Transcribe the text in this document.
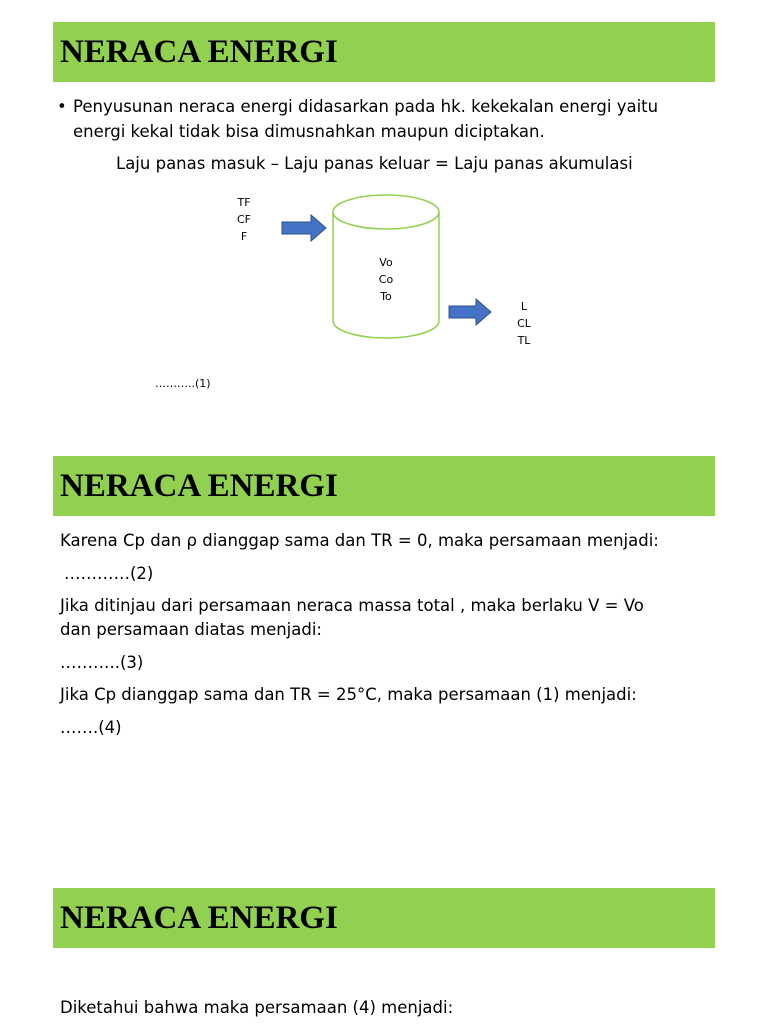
NERACA ENERGI
• Penyusunan neraca energi didasarkan pada hk. kekekalan energi yaitu
energi kekal tidak bisa dimusnahkan maupun diciptakan.
Laju panas masuk – Laju panas keluar = Laju panas akumulasi
TF
CF
F
Vo
Co
To
L
CL
TL
………..(1)
NERACA ENERGI
Karena Cp dan ρ dianggap sama dan TR = 0, maka persamaan menjadi:
…………(2)
Jika ditinjau dari persamaan neraca massa total , maka berlaku V = Vo
dan persamaan diatas menjadi:
………..(3)
Jika Cp dianggap sama dan TR = 25°C, maka persamaan (1) menjadi:
…….(4)
NERACA ENERGI
Diketahui bahwa maka persamaan (4) menjadi:
